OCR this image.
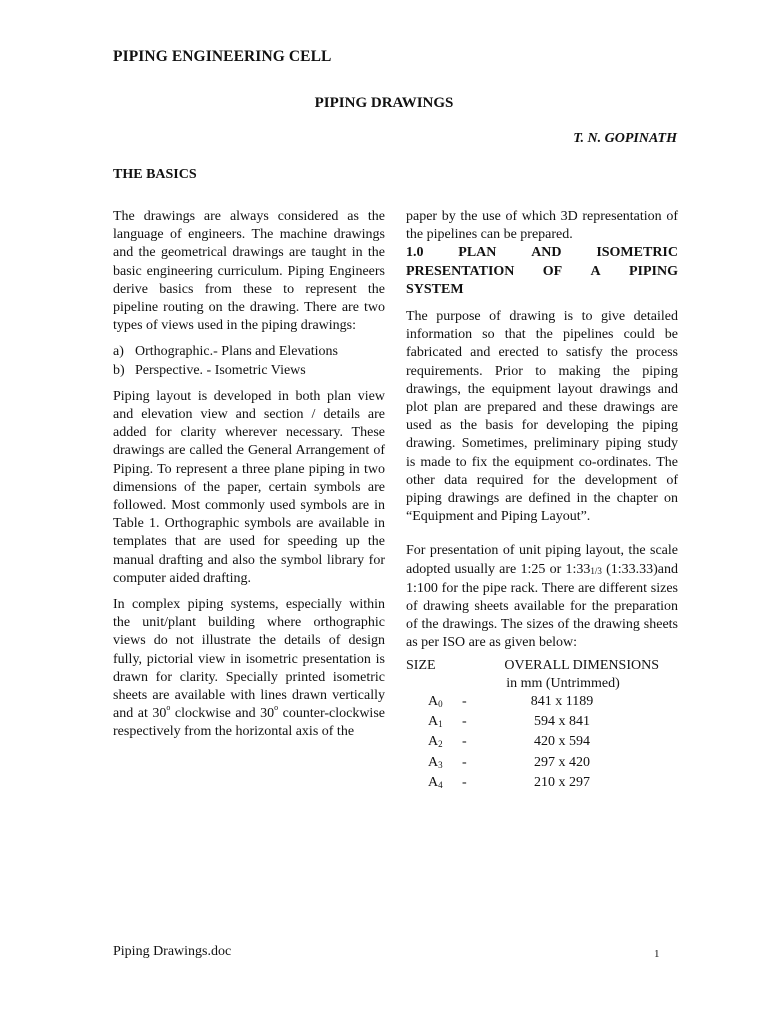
PIPING ENGINEERING CELL
PIPING DRAWINGS
T. N. GOPINATH
THE BASICS

The drawings are always considered as the language of engineers. The machine drawings and the geometrical drawings are taught in the basic engineering curriculum. Piping Engineers derive basics from these to represent the pipeline routing on the drawing. There are two types of views used in the piping drawings:

a) Orthographic.- Plans and Elevations
b) Perspective. - Isometric Views

Piping layout is developed in both plan view and elevation view and section / details are added for clarity wherever necessary. These drawings are called the General Arrangement of Piping. To represent a three plane piping in two dimensions of the paper, certain symbols are followed. Most commonly used symbols are in Table 1. Orthographic symbols are available in templates that are used for speeding up the manual drafting and also the symbol library for computer aided drafting.

In complex piping systems, especially within the unit/plant building where orthographic views do not illustrate the details of design fully, pictorial view in isometric presentation is drawn for clarity. Specially printed isometric sheets are available with lines drawn vertically and at 30$^o$ clockwise and 30$^o$ counter-clockwise respectively from the horizontal axis of the

paper by the use of which 3D representation of the pipelines can be prepared.

1.0 PLAN AND ISOMETRIC
PRESENTATION OF A PIPING
SYSTEM

The purpose of drawing is to give detailed information so that the pipelines could be fabricated and erected to satisfy the process requirements. Prior to making the piping drawings, the equipment layout drawings and plot plan are prepared and these drawings are used as the basis for developing the piping drawing. Sometimes, preliminary piping study is made to fix the equipment co-ordinates. The other data required for the development of piping drawings are defined in the chapter on “Equipment and Piping Layout”.

For presentation of unit piping layout, the scale adopted usually are 1:25 or 1:331/3 (1:33.33)and 1:100 for the pipe rack. There are different sizes of drawing sheets available for the preparation of the drawings. The sizes of the drawing sheets as per ISO are as given below:

SIZE	OVERALL DIMENSIONS
in mm (Untrimmed)
A0	-	841 x 1189
A1	-	594 x 841
A2	-	420 x 594
A3	-	297 x 420
A4	-	210 x 297
Piping Drawings.doc	1
